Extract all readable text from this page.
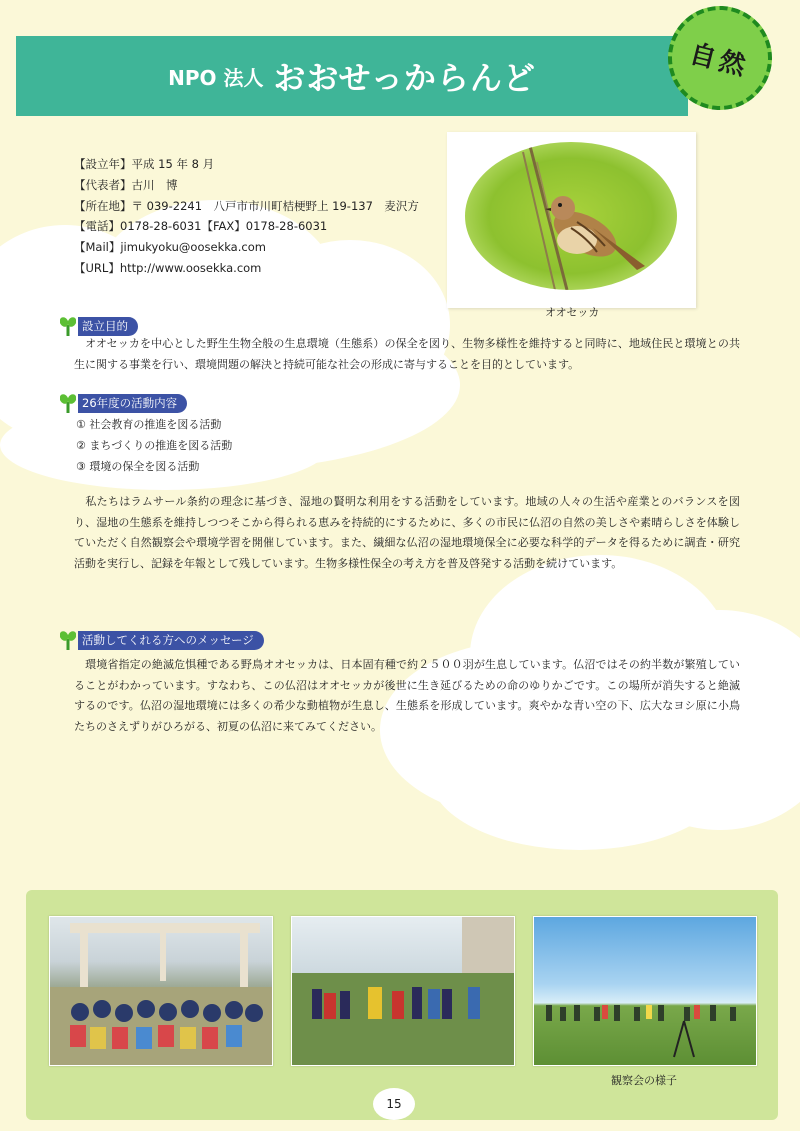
NPO 法人 おおせっからんど	自然
【設立年】平成 15 年 8 月
【代表者】古川　博
【所在地】〒 039-2241　八戸市市川町桔梗野上 19-137　麦沢方
【電話】0178-28-6031【FAX】0178-28-6031
【Mail】jimukyoku@oosekka.com
【URL】http://www.oosekka.com
オオセッカ
設立目的
　オオセッカを中心とした野生生物全般の生息環境（生態系）の保全を図り、生物多様性を維持すると同時に、地域住民と環境との共生に関する事業を行い、環境問題の解決と持続可能な社会の形成に寄与することを目的としています。
26年度の活動内容
① 社会教育の推進を図る活動
② まちづくりの推進を図る活動
③ 環境の保全を図る活動
　私たちはラムサール条約の理念に基づき、湿地の賢明な利用をする活動をしています。地域の人々の生活や産業とのバランスを図り、湿地の生態系を維持しつつそこから得られる恵みを持続的にするために、多くの市民に仏沼の自然の美しさや素晴らしさを体験していただく自然観察会や環境学習を開催しています。また、繊細な仏沼の湿地環境保全に必要な科学的データを得るために調査・研究活動を実行し、記録を年報として残しています。生物多様性保全の考え方を普及啓発する活動を続けています。
活動してくれる方へのメッセージ
　環境省指定の絶滅危惧種である野鳥オオセッカは、日本固有種で約２５００羽が生息しています。仏沼ではその約半数が繁殖していることがわかっています。すなわち、この仏沼はオオセッカが後世に生き延びるための命のゆりかごです。この場所が消失すると絶滅するのです。仏沼の湿地環境には多くの希少な動植物が生息し、生態系を形成しています。爽やかな青い空の下、広大なヨシ原に小鳥たちのさえずりがひろがる、初夏の仏沼に来てみてください。
観察会の様子
15
